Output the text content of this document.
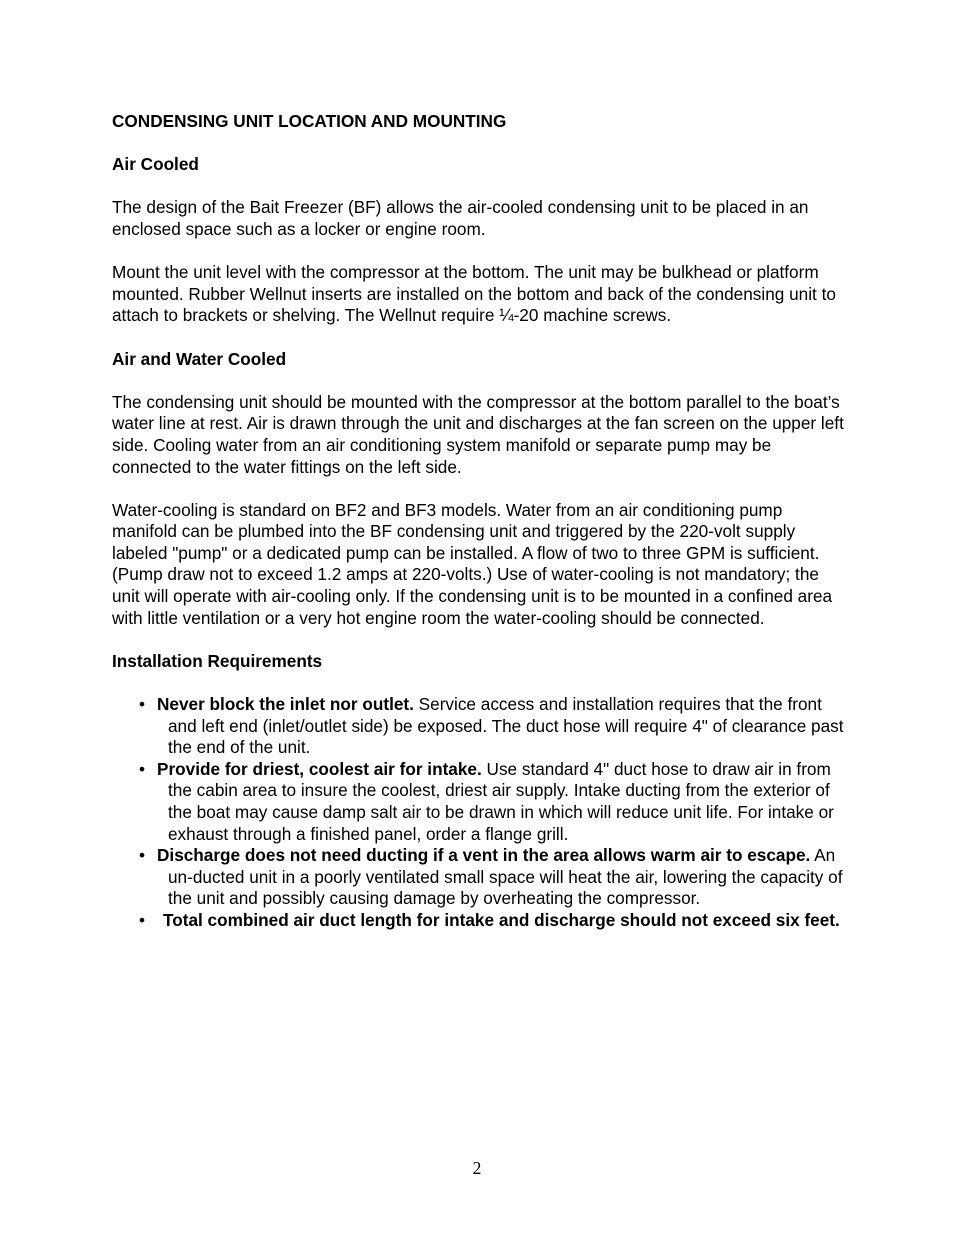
CONDENSING UNIT LOCATION AND MOUNTING

Air Cooled

The design of the Bait Freezer (BF) allows the air-cooled condensing unit to be placed in an enclosed space such as a locker or engine room.

Mount the unit level with the compressor at the bottom. The unit may be bulkhead or platform mounted. Rubber Wellnut inserts are installed on the bottom and back of the condensing unit to attach to brackets or shelving. The Wellnut require ¼-20 machine screws.

Air and Water Cooled

The condensing unit should be mounted with the compressor at the bottom parallel to the boat’s water line at rest. Air is drawn through the unit and discharges at the fan screen on the upper left side. Cooling water from an air conditioning system manifold or separate pump may be connected to the water fittings on the left side.

Water-cooling is standard on BF2 and BF3 models. Water from an air conditioning pump manifold can be plumbed into the BF condensing unit and triggered by the 220-volt supply labeled "pump" or a dedicated pump can be installed. A flow of two to three GPM is sufficient. (Pump draw not to exceed 1.2 amps at 220-volts.) Use of water-cooling is not mandatory; the unit will operate with air-cooling only. If the condensing unit is to be mounted in a confined area with little ventilation or a very hot engine room the water-cooling should be connected.

Installation Requirements

• Never block the inlet nor outlet. Service access and installation requires that the front and left end (inlet/outlet side) be exposed. The duct hose will require 4" of clearance past the end of the unit.
• Provide for driest, coolest air for intake. Use standard 4" duct hose to draw air in from the cabin area to insure the coolest, driest air supply. Intake ducting from the exterior of the boat may cause damp salt air to be drawn in which will reduce unit life. For intake or exhaust through a finished panel, order a flange grill.
• Discharge does not need ducting if a vent in the area allows warm air to escape. An un-ducted unit in a poorly ventilated small space will heat the air, lowering the capacity of the unit and possibly causing damage by overheating the compressor.
• Total combined air duct length for intake and discharge should not exceed six feet.
2
